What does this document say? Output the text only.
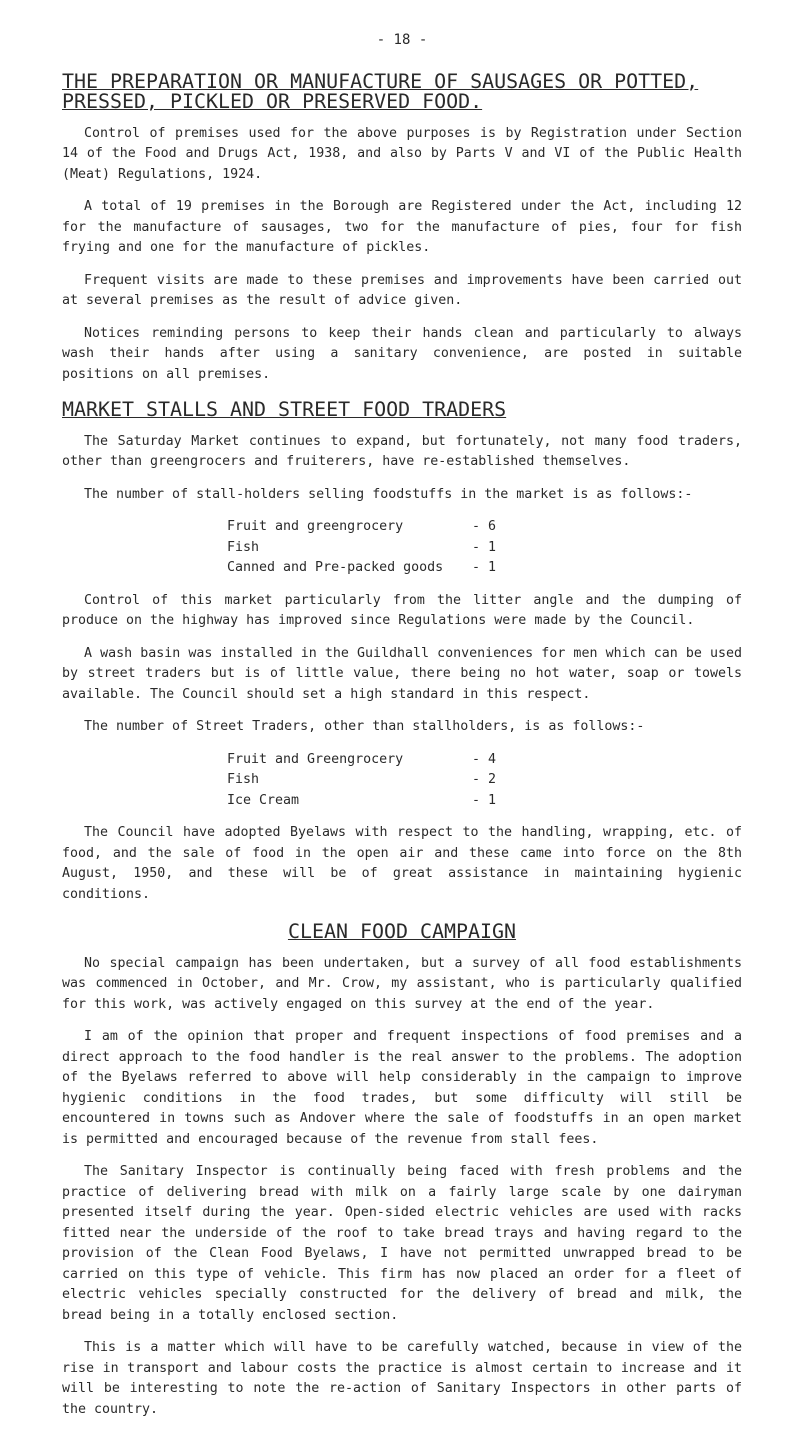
- 18 -
THE PREPARATION OR MANUFACTURE OF SAUSAGES OR POTTED, PRESSED, PICKLED OR PRESERVED FOOD.

Control of premises used for the above purposes is by Registration under Section 14 of the Food and Drugs Act, 1938, and also by Parts V and VI of the Public Health (Meat) Regulations, 1924.

A total of 19 premises in the Borough are Registered under the Act, including 12 for the manufacture of sausages, two for the manufacture of pies, four for fish frying and one for the manufacture of pickles.

Frequent visits are made to these premises and improvements have been carried out at several premises as the result of advice given.

Notices reminding persons to keep their hands clean and particularly to always wash their hands after using a sanitary convenience, are posted in suitable positions on all premises.

MARKET STALLS AND STREET FOOD TRADERS

The Saturday Market continues to expand, but fortunately, not many food traders, other than greengrocers and fruiterers, have re-established themselves.

The number of stall-holders selling foodstuffs in the market is as follows:-

Fruit and greengrocery	- 6
Fish	- 1
Canned and Pre-packed goods	- 1

Control of this market particularly from the litter angle and the dumping of produce on the highway has improved since Regulations were made by the Council.

A wash basin was installed in the Guildhall conveniences for men which can be used by street traders but is of little value, there being no hot water, soap or towels available. The Council should set a high standard in this respect.

The number of Street Traders, other than stallholders, is as follows:-

Fruit and Greengrocery	- 4
Fish	- 2
Ice Cream	- 1

The Council have adopted Byelaws with respect to the handling, wrapping, etc. of food, and the sale of food in the open air and these came into force on the 8th August, 1950, and these will be of great assistance in maintaining hygienic conditions.

CLEAN FOOD CAMPAIGN

No special campaign has been undertaken, but a survey of all food establishments was commenced in October, and Mr. Crow, my assistant, who is particularly qualified for this work, was actively engaged on this survey at the end of the year.

I am of the opinion that proper and frequent inspections of food premises and a direct approach to the food handler is the real answer to the problems. The adoption of the Byelaws referred to above will help considerably in the campaign to improve hygienic conditions in the food trades, but some difficulty will still be encountered in towns such as Andover where the sale of foodstuffs in an open market is permitted and encouraged because of the revenue from stall fees.

The Sanitary Inspector is continually being faced with fresh problems and the practice of delivering bread with milk on a fairly large scale by one dairyman presented itself during the year. Open-sided electric vehicles are used with racks fitted near the underside of the roof to take bread trays and having regard to the provision of the Clean Food Byelaws, I have not permitted unwrapped bread to be carried on this type of vehicle. This firm has now placed an order for a fleet of electric vehicles specially constructed for the delivery of bread and milk, the bread being in a totally enclosed section.

This is a matter which will have to be carefully watched, because in view of the rise in transport and labour costs the practice is almost certain to increase and it will be interesting to note the re-action of Sanitary Inspectors in other parts of the country.
